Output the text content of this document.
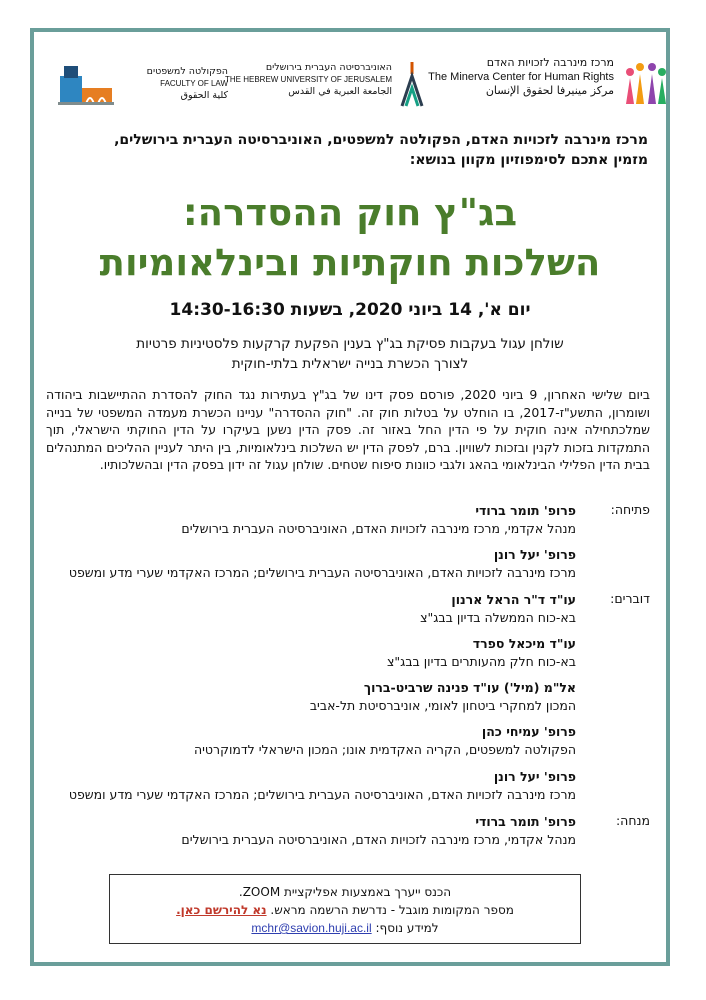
מרכז מינרבה לזכויות האדם
The Minerva Center for Human Rights
مركز مينيرفا لحقوق الإنسان
האוניברסיטה העברית בירושלים
THE HEBREW UNIVERSITY OF JERUSALEM
الجامعة العبرية في القدس
הפקולטה למשפטים
FACULTY OF LAW
كلية الحقوق
מרכז מינרבה לזכויות האדם, הפקולטה למשפטים, האוניברסיטה העברית בירושלים,
מזמין אתכם לסימפוזיון מקוון בנושא:
בג"ץ חוק ההסדרה:
השלכות חוקתיות ובינלאומיות
יום א', 14 ביוני 2020, בשעות 14:30-16:30
שולחן עגול בעקבות פסיקת בג"ץ בענין הפקעת קרקעות פלסטיניות פרטיות
לצורך הכשרת בנייה ישראלית בלתי-חוקית
ביום שלישי האחרון, 9 ביוני 2020, פורסם פסק דינו של בג"ץ בעתירות נגד החוק להסדרת ההתיישבות ביהודה ושומרון, התשע"ז-2017, בו הוחלט על בטלות חוק זה. "חוק ההסדרה" עניינו הכשרת מעמדה המשפטי של בנייה שמלכתחילה אינה חוקית על פי הדין החל באזור זה. פסק הדין נשען בעיקרו על הדין החוקתי הישראלי, תוך התמקדות בזכות לקנין ובזכות לשוויון. ברם, לפסק הדין יש השלכות בינלאומיות, בין היתר לעניין ההליכים המתנהלים בבית הדין הפלילי הבינלאומי בהאג ולגבי כוונות סיפוח שטחים. שולחן עגול זה ידון בפסק הדין ובהשלכותיו.
פתיחה:
פרופ' תומר ברודי
מנהל אקדמי, מרכז מינרבה לזכויות האדם, האוניברסיטה העברית בירושלים
פרופ' יעל רונן
מרכז מינרבה לזכויות האדם, האוניברסיטה העברית בירושלים; המרכז האקדמי שערי מדע ומשפט
דוברים:
עו"ד ד"ר הראל ארנון
בא-כוח הממשלה בדיון בבג"צ
עו"ד מיכאל ספרד
בא-כוח חלק מהעותרים בדיון בבג"צ
אל"מ (מיל') עו"ד פנינה שרביט-ברוך
המכון למחקרי ביטחון לאומי, אוניברסיטת תל-אביב
פרופ' עמיחי כהן
הפקולטה למשפטים, הקריה האקדמית אונו; המכון הישראלי לדמוקרטיה
פרופ' יעל רונן
מרכז מינרבה לזכויות האדם, האוניברסיטה העברית בירושלים; המרכז האקדמי שערי מדע ומשפט
מנחה:
פרופ' תומר ברודי
מנהל אקדמי, מרכז מינרבה לזכויות האדם, האוניברסיטה העברית בירושלים
הכנס ייערך באמצעות אפליקציית ZOOM.
מספר המקומות מוגבל - נדרשת הרשמה מראש. נא להירשם כאן.
למידע נוסף: mchr@savion.huji.ac.il
